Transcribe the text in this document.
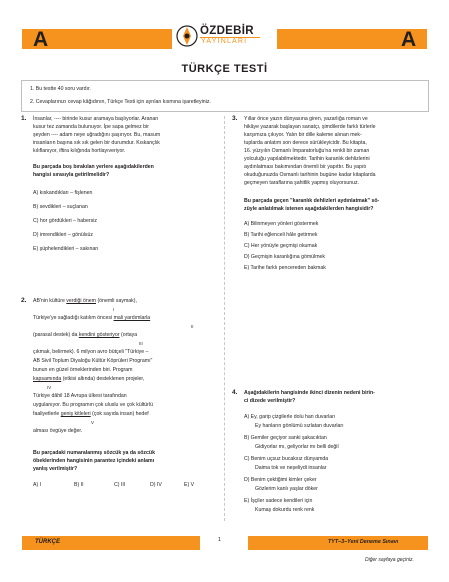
A	A
ÖZDEBİR
YAYINLARI
TÜRKÇE TESTİ
1. Bu testte 40 soru vardır.
2. Cevaplarınızı cevap kâğıdının, Türkçe Testi için ayrılan kısmına işaretleyiniz.
1. İnsanlar, ---- birinde kusur aramaya başlıyorlar. Aranan
kusur tez zamanda bulunuyor. İpe sapa gelmez bir
şeyden ---- adam neye uğradığını şaşırıyor. Bu, masum
insanların başına sık sık gelen bir durumdur. Kıskançlık
kılıflanıyor, iftira kılığında hortlayıveriyor.
Bu parçada boş bırakılan yerlere aşağıdakilerden
hangisi sırasıyla getirilmelidir?
A) kıskandıkları – fişlenen
B) sevdikleri – suçlanan
C) hor gördükleri – habersiz
D) imrendikleri – gönülsüz
E) şüphelendikleri – sakınan
2. AB'nin kültüre verdiği önem (önemli saymak),
I
Türkiye'ye sağladığı katılım öncesi mali yardımlarla
II
(parasal destek) da kendini gösteriyor (ortaya
III
çıkmak, belirmek). 6 milyon avro bütçeli "Türkiye –
AB Sivil Toplum Diyaloğu Kültür Köprüleri Programı"
bunun en güzel örneklerinden biri. Program
kapsamında (etkisi altında) desteklenen projeler,
IV
Türkiye dâhil 18 Avrupa ülkesi tarafından
uygulanıyor. Bu programın çok uluslu ve çok kültürlü
faaliyetlerle geniş kitleleri (çok sayıda insan) hedef
V
alması övgüye değer.
Bu parçadaki numaralanmış sözcük ya da sözcük
öbeklerinden hangisinin parantez içindeki anlamı
yanlış verilmiştir?
A) I	B) II	C) III	D) IV	E) V
3. Yıllar önce yazın dünyasına giren, yazarlığa roman ve
hikâye yazarak başlayan sanatçı, şimdilerde farklı türlerle
karşımıza çıkıyor. Yalın bir dille kaleme alınan mek-
tuplarda anlatım son derece sürükleyicidir. Bu kitapta,
16. yüzyılın Osmanlı İmparatorluğu'na renkli bir zaman
yolculuğu yapılabilmektedir. Tarihin karanlık dehlizlerini
aydınlatması bakımından önemli bir yapıttır. Bu yapıtı
okuduğunuzda Osmanlı tarihinin bugüne kadar kitaplarda
geçmeyen taraflarına şahitlik yapmış oluyorsunuz.
Bu parçada geçen "karanlık dehlizleri aydınlatmak" sö-
züyle anlatılmak istenen aşağıdakilerden hangisidir?
A) Bilinmeyen yönleri göstermek
B) Tarihi eğlenceli hâle getirmek
C) Her yönüyle geçmişi okumak
D) Geçmişin karanlığına gömülmek
E) Tarihe farklı pencereden bakmak
4. Aşağıdakilerin hangisinde ikinci dizenin nedeni birin-
ci dizede verilmiştir?
A) Ey, garip çizgilerle dolu han duvarları
Ey hanların gönlümü sızlatan duvarları
B) Gemiler geçiyor sanki şakacıktan
Gidiyorlar mı, geliyorlar mı belli değil
C) Benim uçsuz bucaksız dünyamda
Daima tok ve neşeliydi insanlar
D) Benim çektiğimi kimler çeker
Gözlerim kanlı yaşlar döker
E) İşçiler sadece kendileri için
Kumaş dokurdu renk renk
TÜRKÇE	1	TYT–3–Yeni Deneme Sınavı
Diğer sayfaya geçiniz.
